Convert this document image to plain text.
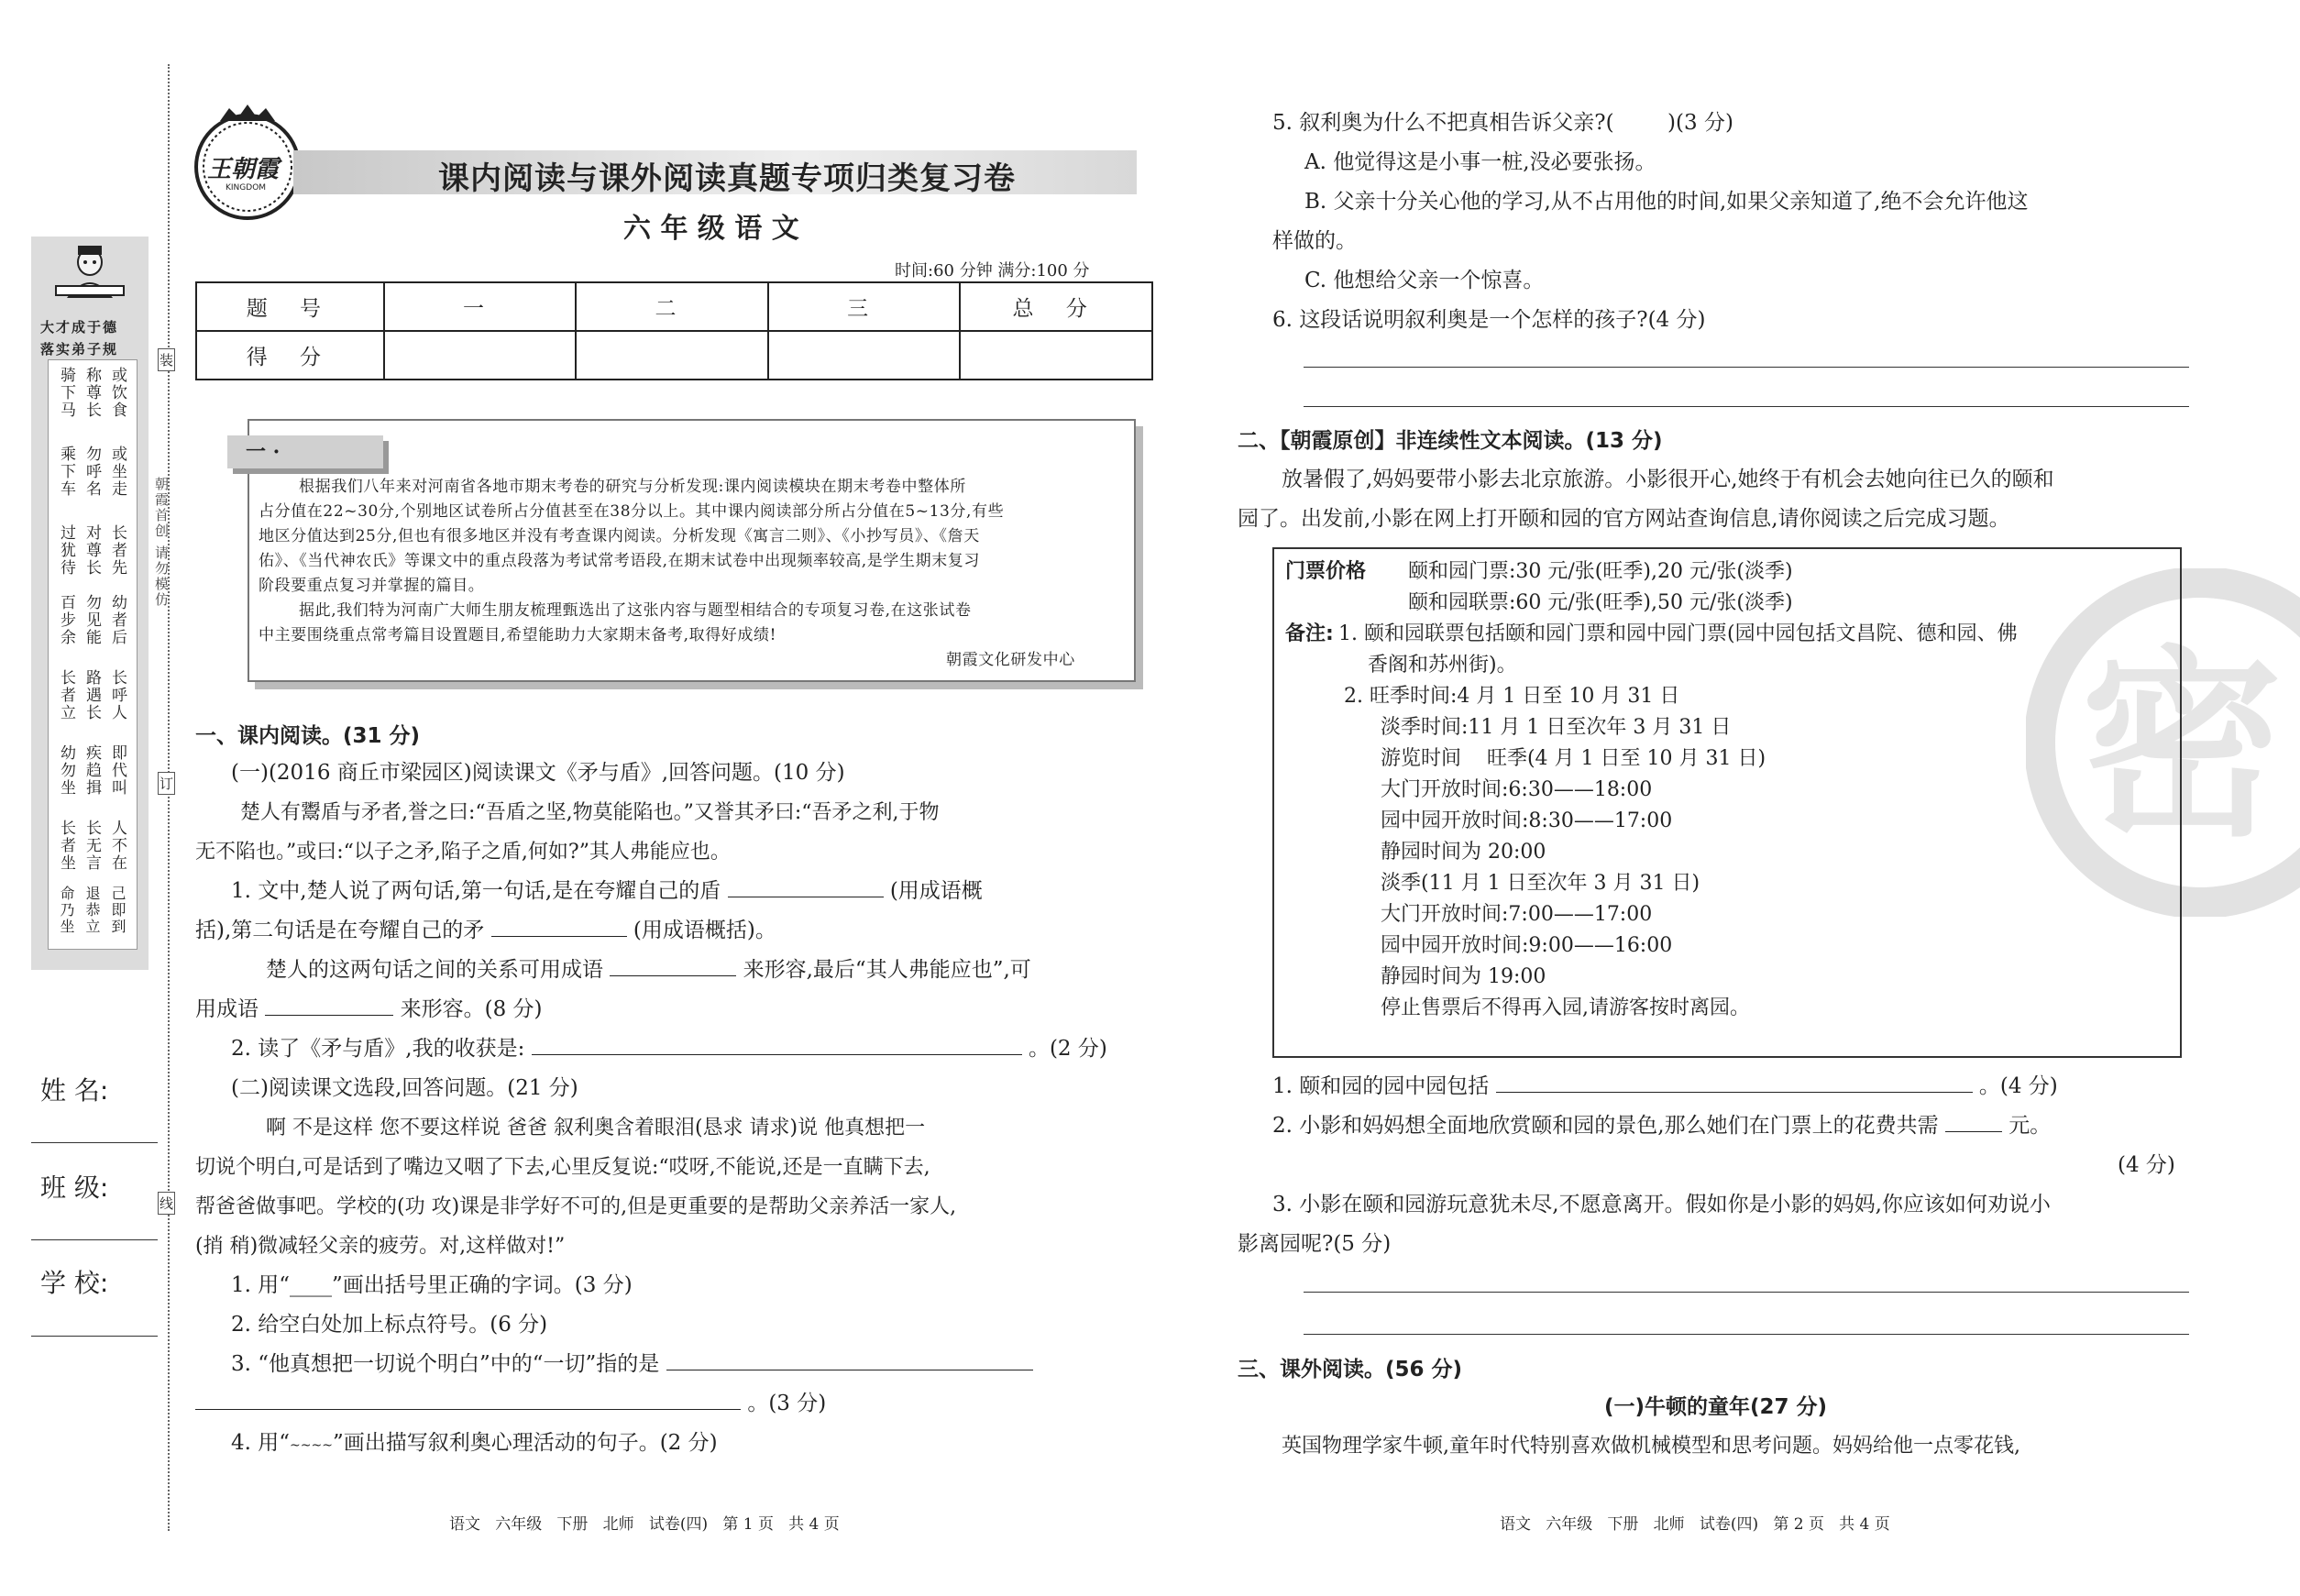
大才成于德
落实弟子规
或饮食
称尊长
骑下马
或坐走
勿呼名
乘下车
长者先
对尊长
过犹待
幼者后
勿见能
百步余
长呼人
路遇长
长者立
即代叫
疾趋揖
幼勿坐
人不在
长无言
长者坐
己即到
退恭立
命乃坐
姓 名:
班 级:
学 校:
装
朝霞首创 请勿模仿
订
线
王朝霞
KINGDOM	课内阅读与课外阅读真题专项归类复习卷
六 年 级 语 文
时间:60 分钟 满分:100 分
题 号	一	二	三	总 分
得 分				
一 ·
根据我们八年来对河南省各地市期末考卷的研究与分析发现:课内阅读模块在期末考卷中整体所
占分值在22~30分,个别地区试卷所占分值甚至在38分以上。其中课内阅读部分所占分值在5~13分,有些
地区分值达到25分,但也有很多地区并没有考查课内阅读。分析发现《寓言二则》、《小抄写员》、《詹天
佑》、《当代神农氏》等课文中的重点段落为考试常考语段,在期末试卷中出现频率较高,是学生期末复习
阶段要重点复习并掌握的篇目。
据此,我们特为河南广大师生朋友梳理甄选出了这张内容与题型相结合的专项复习卷,在这张试卷
中主要围绕重点常考篇目设置题目,希望能助力大家期末备考,取得好成绩!
朝霞文化研发中心
一、课内阅读。(31 分)
(一)(2016 商丘市梁园区)阅读课文《矛与盾》,回答问题。(10 分)
楚人有鬻盾与矛者,誉之曰:“吾盾之坚,物莫能陷也。”又誉其矛曰:“吾矛之利,于物
无不陷也。”或曰:“以子之矛,陷子之盾,何如?”其人弗能应也。
1. 文中,楚人说了两句话,第一句话,是在夸耀自己的盾	(用成语概
括),第二句话是在夸耀自己的矛	(用成语概括)。
楚人的这两句话之间的关系可用成语	来形容,最后“其人弗能应也”,可
用成语	来形容。(8 分)
2. 读了《矛与盾》,我的收获是:	。(2 分)
(二)阅读课文选段,回答问题。(21 分)
啊 不是这样 您不要这样说 爸爸 叙利奥含着眼泪(恳求 请求)说 他真想把一
切说个明白,可是话到了嘴边又咽了下去,心里反复说:“哎呀,不能说,还是一直瞒下去,
帮爸爸做事吧。学校的(功 攻)课是非学好不可的,但是更重要的是帮助父亲养活一家人,
(捎 稍)微减轻父亲的疲劳。对,这样做对!”
1. 用“____”画出括号里正确的字词。(3 分)
2. 给空白处加上标点符号。(6 分)
3. “他真想把一切说个明白”中的“一切”指的是
。(3 分)
4. 用“~~~~”画出描写叙利奥心理活动的句子。(2 分)
语文   六年级   下册   北师   试卷(四)   第 1 页   共 4 页
密
5. 叙利奥为什么不把真相告诉父亲?(        )(3 分)
A. 他觉得这是小事一桩,没必要张扬。
B. 父亲十分关心他的学习,从不占用他的时间,如果父亲知道了,绝不会允许他这
样做的。
C. 他想给父亲一个惊喜。
6. 这段话说明叙利奥是一个怎样的孩子?(4 分)
二、【朝霞原创】非连续性文本阅读。(13 分)
放暑假了,妈妈要带小影去北京旅游。小影很开心,她终于有机会去她向往已久的颐和
园了。出发前,小影在网上打开颐和园的官方网站查询信息,请你阅读之后完成习题。
门票价格 颐和园门票:30 元/张(旺季),20 元/张(淡季)
颐和园联票:60 元/张(旺季),50 元/张(淡季)
备注: 1. 颐和园联票包括颐和园门票和园中园门票(园中园包括文昌院、德和园、佛
香阁和苏州街)。
2. 旺季时间:4 月 1 日至 10 月 31 日
淡季时间:11 月 1 日至次年 3 月 31 日
游览时间    旺季(4 月 1 日至 10 月 31 日)
大门开放时间:6:30——18:00
园中园开放时间:8:30——17:00
静园时间为 20:00
淡季(11 月 1 日至次年 3 月 31 日)
大门开放时间:7:00——17:00
园中园开放时间:9:00——16:00
静园时间为 19:00
停止售票后不得再入园,请游客按时离园。
1. 颐和园的园中园包括	。(4 分)
2. 小影和妈妈想全面地欣赏颐和园的景色,那么她们在门票上的花费共需	元。
(4 分)
3. 小影在颐和园游玩意犹未尽,不愿意离开。假如你是小影的妈妈,你应该如何劝说小
影离园呢?(5 分)
三、课外阅读。(56 分)
(一)牛顿的童年(27 分)
英国物理学家牛顿,童年时代特别喜欢做机械模型和思考问题。妈妈给他一点零花钱,
语文   六年级   下册   北师   试卷(四)   第 2 页   共 4 页
